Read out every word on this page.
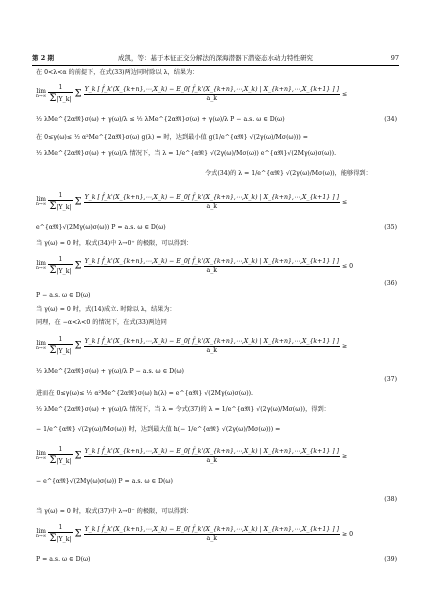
第 2 期	成凯，等：基于本征正交分解法的深海潜器下潜姿态水动力特性研究	97
在 0<λ<α 的前提下，在式(33)两边同时除以 λ，结果为：
lim
n→∞
$\frac{1}{\Sigma|Y\_k|}$ Σ Y_k [ f̂_k'(X_{k+n},⋯,X_k) − E_0[ f̂_k'(X_{k+n},⋯,X_k) | X_{k+n},⋯,X_{k+1} ] ]
a_k
≤
½ λMe^{2α𝔐}σ(ω) + γ(ω)/λ ≤ ½ λMe^{2α𝔐}σ(ω) + γ(ω)/λ P − a.s. ω ∈ D(ω)	(34)
在 0≤γ(ω)≤ ½ α²Me^{2α𝔐}σ(ω) g(λ) = 时，达到最小值 g(1/e^{α𝔐} √(2γ(ω)/Mσ(ω))) =
½ λMe^{2α𝔐}σ(ω) + γ(ω)/λ 情况下，当 λ = 1/e^{α𝔐} √(2γ(ω)/Mσ(ω)) e^{α𝔐}√(2Mγ(ω)σ(ω)).
令式(34)的 λ = 1/e^{α𝔐} √(2γ(ω)/Mσ(ω))，能够得到：
lim
n→∞
$\frac{1}{\Sigma|Y\_k|}$ Σ Y_k [ f̂_k'(X_{k+n},⋯,X_k) − E_0[ f̂_k'(X_{k+n},⋯,X_k) | X_{k+n},⋯,X_{k+1} ] ]
a_k
≤
e^{α𝔐}√(2Mγ(ω)σ(ω)) P = a.s. ω ∈ D(ω)	(35)
当 γ(ω) = 0 时，取式(34)中 λ→0⁺ 的极限，可以得到：
lim
n→∞
$\frac{1}{\Sigma|Y\_k|}$ Σ Y_k [ f̂_k'(X_{k+n},⋯,X_k) − E_0[ f̂_k'(X_{k+n},⋯,X_k) | X_{k+n},⋯,X_{k+1} ] ]
a_k
≤ 0
P − a.s. ω ∈ D(ω)
(36)
当 γ(ω) = 0 时，式(14)成立. 时除以 λ，结果为：
同理，在 −α<λ<0 的情况下，在式(33)两边同
lim
n→∞
$\frac{1}{\Sigma|Y\_k|}$ Σ Y_k [ f̂_k'(X_{k+n},⋯,X_k) − E_0[ f̂_k'(X_{k+n},⋯,X_k) | X_{k+n},⋯,X_{k+1} ] ]
a_k
≥
½ λMe^{2α𝔐}σ(ω) + γ(ω)/λ P − a.s. ω ∈ D(ω)
(37)
进而在 0≤γ(ω)≤ ½ α²Me^{2α𝔐}σ(ω) h(λ) = e^{α𝔐} √(2Mγ(ω)σ(ω)).
½ λMe^{2α𝔐}σ(ω) + γ(ω)/λ 情况下，当 λ = 令式(37)的 λ = 1/e^{α𝔐} √(2γ(ω)/Mσ(ω))，得到：
− 1/e^{α𝔐} √(2γ(ω)/Mσ(ω)) 时，达到最大值 h(− 1/e^{α𝔐} √(2γ(ω)/Mσ(ω))) =
lim
n→∞
$\frac{1}{\Sigma|Y\_k|}$ Σ Y_k [ f̂_k'(X_{k+n},⋯,X_k) − E_0[ f̂_k'(X_{k+n},⋯,X_k) | X_{k+n},⋯,X_{k+1} ] ]
a_k
≥
− e^{α𝔐}√(2Mγ(ω)σ(ω)) P = a.s. ω ∈ D(ω)
(38)
当 γ(ω) = 0 时，取式(37)中 λ→0⁻ 的极限，可以得到：
lim
n→∞
$\frac{1}{\Sigma|Y\_k|}$ Σ Y_k [ f̂_k'(X_{k+n},⋯,X_k) − E_0[ f̂_k'(X_{k+n},⋯,X_k) | X_{k+n},⋯,X_{k+1} ] ]
a_k
≥ 0
P = a.s. ω ∈ D(ω)	(39)
